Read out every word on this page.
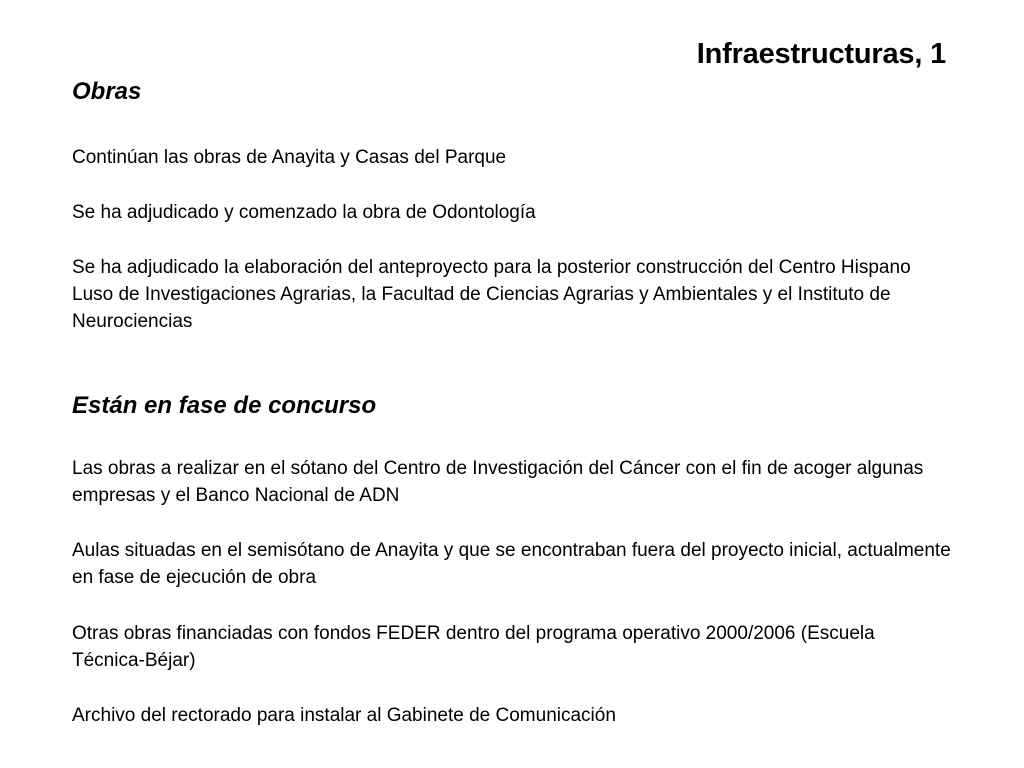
Infraestructuras, 1
Obras

Continúan las obras de Anayita y Casas del Parque

Se ha adjudicado y comenzado la obra de Odontología

Se ha adjudicado la elaboración del anteproyecto para la posterior construcción del Centro Hispano Luso de Investigaciones Agrarias, la Facultad de Ciencias Agrarias y Ambientales y el Instituto de Neurociencias

Están en fase de concurso

Las obras a realizar en el sótano del Centro de Investigación del Cáncer con el fin de acoger algunas empresas y el Banco Nacional de ADN

Aulas situadas en el semisótano de Anayita y que se encontraban fuera del proyecto inicial, actualmente en fase de ejecución de obra

Otras obras financiadas con fondos FEDER dentro del programa operativo 2000/2006 (Escuela Técnica-Béjar)

Archivo del rectorado para instalar al Gabinete de Comunicación
